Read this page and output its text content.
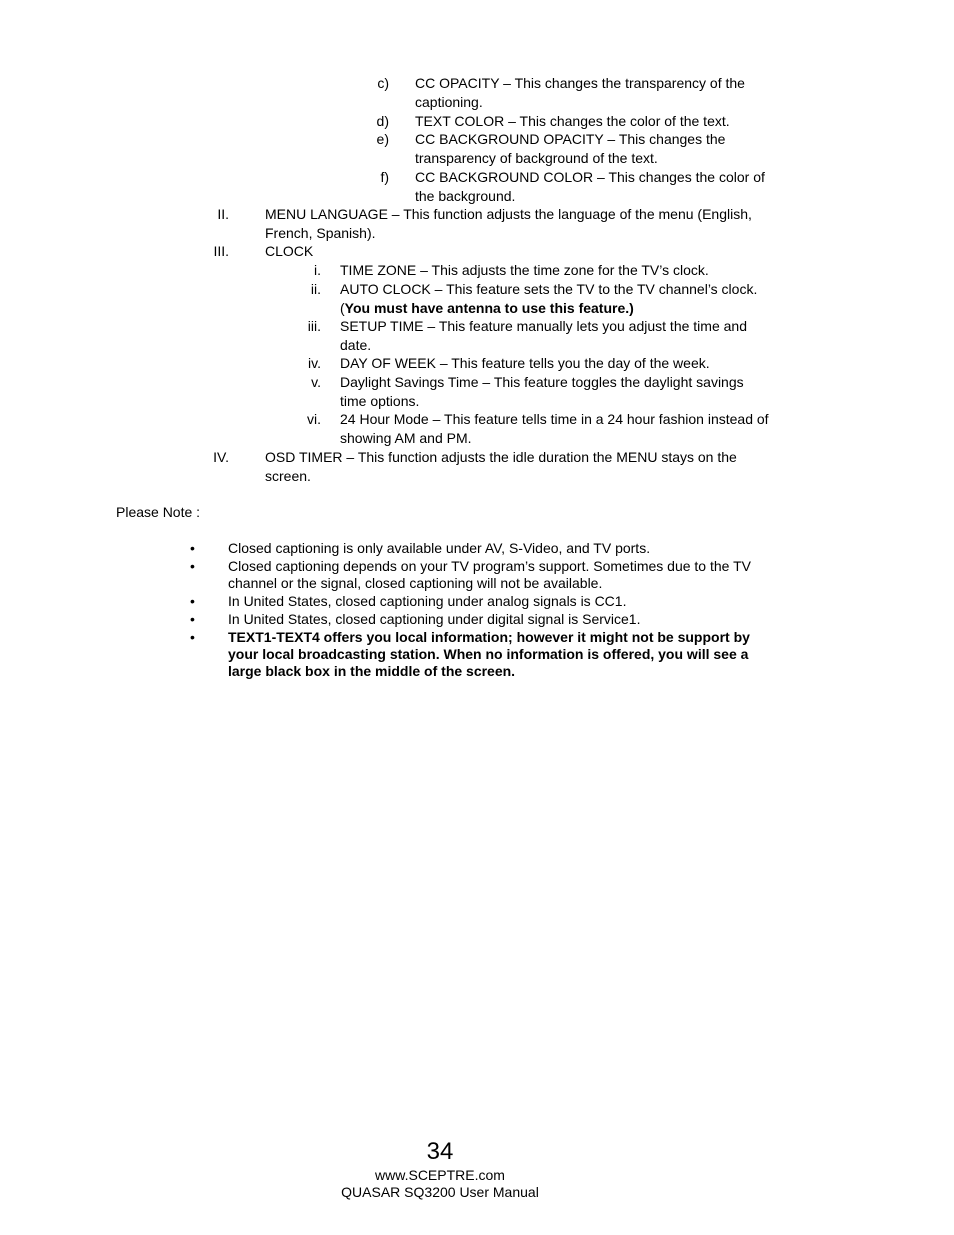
c) CC OPACITY – This changes the transparency of the captioning.
d) TEXT COLOR – This changes the color of the text.
e) CC BACKGROUND OPACITY – This changes the transparency of background of the text.
f) CC BACKGROUND COLOR – This changes the color of the background.
II.	MENU LANGUAGE – This function adjusts the language of the menu (English, French, Spanish).
III.	CLOCK
i. TIME ZONE – This adjusts the time zone for the TV’s clock.
ii. AUTO CLOCK – This feature sets the TV to the TV channel’s clock. (You must have antenna to use this feature.)
iii. SETUP TIME – This feature manually lets you adjust the time and date.
iv. DAY OF WEEK – This feature tells you the day of the week.
v. Daylight Savings Time – This feature toggles the daylight savings time options.
vi. 24 Hour Mode – This feature tells time in a 24 hour fashion instead of showing AM and PM.
IV.	OSD TIMER – This function adjusts the idle duration the MENU stays on the screen.
Please Note :
•	Closed captioning is only available under AV, S-Video, and TV ports.
•	Closed captioning depends on your TV program’s support. Sometimes due to the TV channel or the signal, closed captioning will not be available.
•	In United States, closed captioning under analog signals is CC1.
•	In United States, closed captioning under digital signal is Service1.
•	TEXT1-TEXT4 offers you local information; however it might not be support by your local broadcasting station. When no information is offered, you will see a large black box in the middle of the screen.
34
www.SCEPTRE.com
QUASAR SQ3200 User Manual
